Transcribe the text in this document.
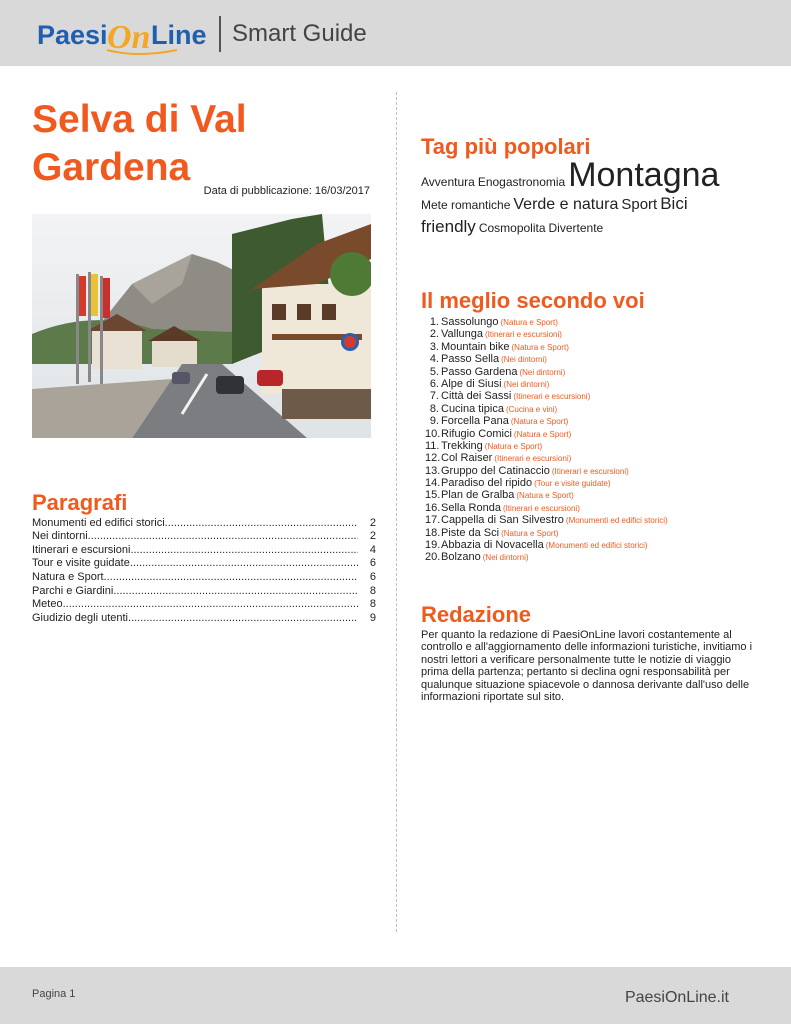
Paesi On Line Smart Guide
Selva di Val Gardena
Data di pubblicazione: 16/03/2017
Paragrafi
Monumenti ed edifici storici .....	2
Nei dintorni .....	2
Itinerari e escursioni .....	4
Tour e visite guidate .....	6
Natura e Sport .....	6
Parchi e Giardini .....	8
Meteo .....	8
Giudizio degli utenti .....	9
Tag più popolari
Avventura EnogastronomiaMontagna
Mete romantiche Verde e natura Sport Bici friendly Cosmopolita Divertente
Il meglio secondo voi
1. Sassolungo (Natura e Sport)
2. Vallunga (Itinerari e escursioni)
3. Mountain bike (Natura e Sport)
4. Passo Sella (Nei dintorni)
5. Passo Gardena (Nei dintorni)
6. Alpe di Siusi (Nei dintorni)
7. Città dei Sassi (Itinerari e escursioni)
8. Cucina tipica (Cucina e vini)
9. Forcella Pana (Natura e Sport)
10.Rifugio Comici (Natura e Sport)
11. Trekking (Natura e Sport)
12.Col Raiser (Itinerari e escursioni)
13.Gruppo del Catinaccio (Itinerari e escursioni)
14.Paradiso del ripido (Tour e visite guidate)
15.Plan de Gralba (Natura e Sport)
16.Sella Ronda (Itinerari e escursioni)
17.Cappella di San Silvestro (Monumenti ed edifici storici)
18.Piste da Sci (Natura e Sport)
19.Abbazia di Novacella (Monumenti ed edifici storici)
20.Bolzano (Nei dintorni)
Redazione
Per quanto la redazione di PaesiOnLine lavori costantemente al controllo e all'aggiornamento delle informazioni turistiche, invitiamo i nostri lettori a verificare personalmente tutte le notizie di viaggio prima della partenza; pertanto si declina ogni responsabilità per qualunque situazione spiacevole o dannosa derivante dall'uso delle informazioni riportate sul sito.
Pagina 1	PaesiOnLine.it
